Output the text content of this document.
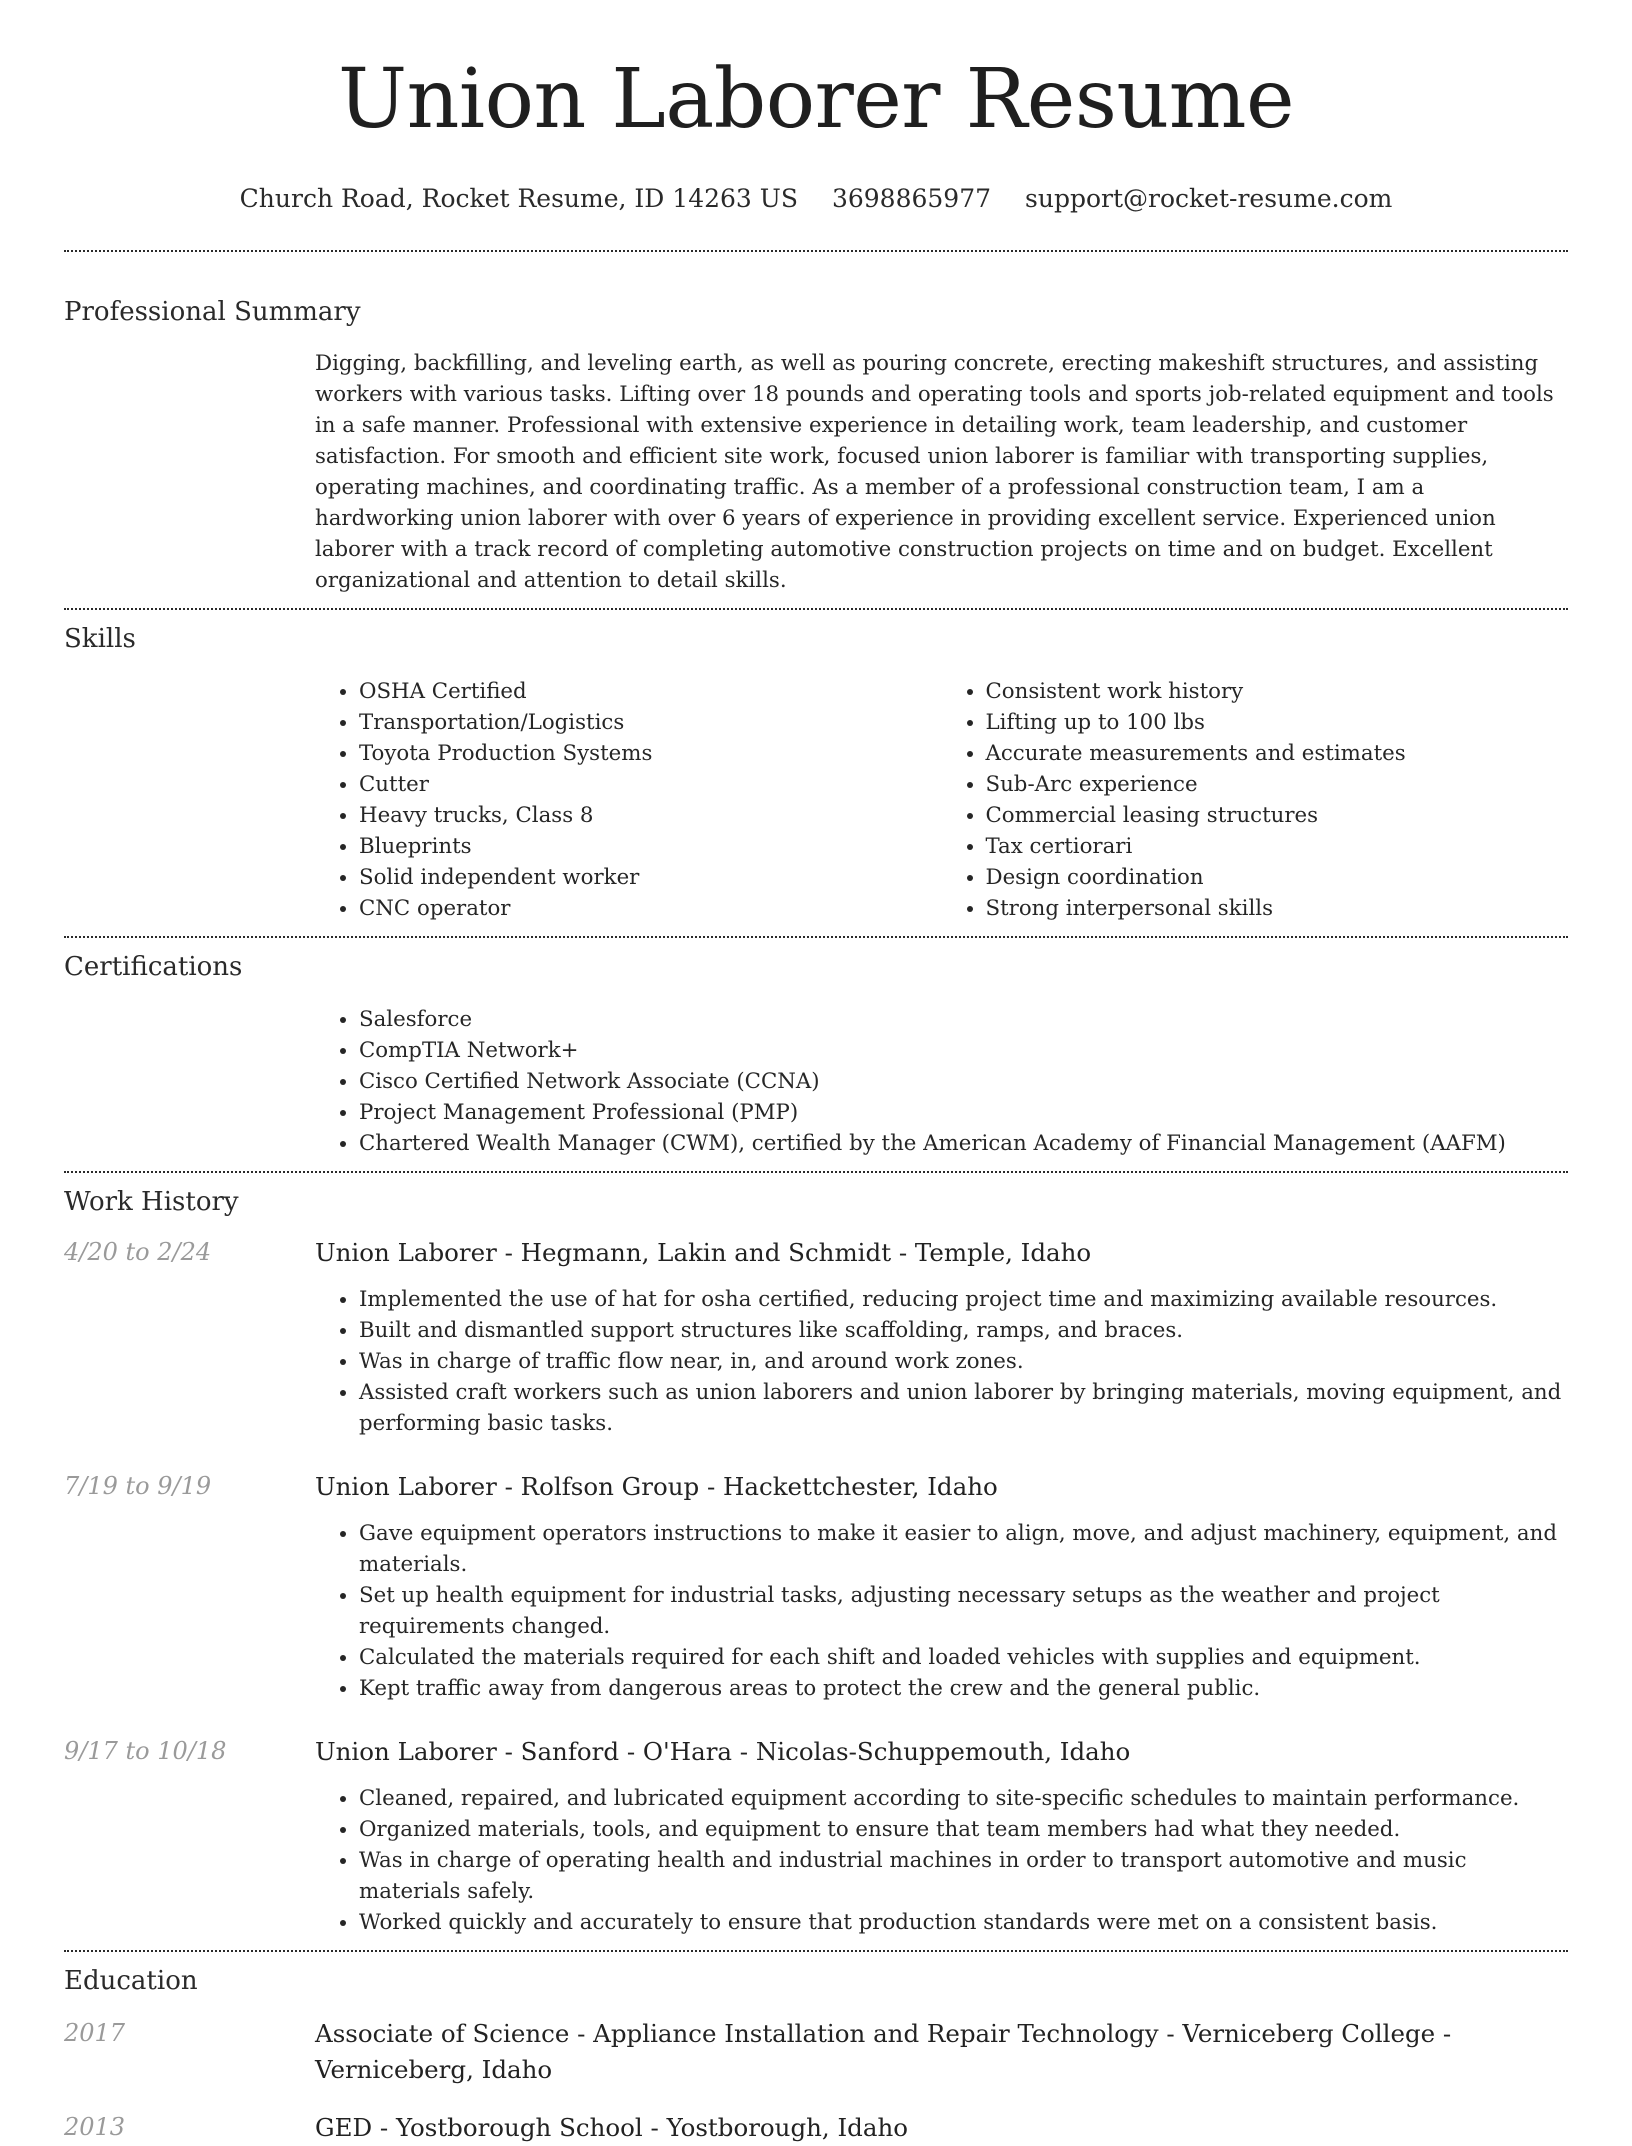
Union Laborer Resume
Church Road, Rocket Resume, ID 14263 US 3698865977 support@rocket-resume.com
Professional Summary
Digging, backfilling, and leveling earth, as well as pouring concrete, erecting makeshift structures, and assisting workers with various tasks. Lifting over 18 pounds and operating tools and sports job-related equipment and tools in a safe manner. Professional with extensive experience in detailing work, team leadership, and customer satisfaction. For smooth and efficient site work, focused union laborer is familiar with transporting supplies, operating machines, and coordinating traffic. As a member of a professional construction team, I am a hardworking union laborer with over 6 years of experience in providing excellent service. Experienced union laborer with a track record of completing automotive construction projects on time and on budget. Excellent organizational and attention to detail skills.
Skills
• OSHA Certified
• Transportation/Logistics
• Toyota Production Systems
• Cutter
• Heavy trucks, Class 8
• Blueprints
• Solid independent worker
• CNC operator
• Consistent work history
• Lifting up to 100 lbs
• Accurate measurements and estimates
• Sub-Arc experience
• Commercial leasing structures
• Tax certiorari
• Design coordination
• Strong interpersonal skills
Certifications
• Salesforce
• CompTIA Network+
• Cisco Certified Network Associate (CCNA)
• Project Management Professional (PMP)
• Chartered Wealth Manager (CWM), certified by the American Academy of Financial Management (AAFM)
Work History
4/20 to 2/24	Union Laborer - Hegmann, Lakin and Schmidt - Temple, Idaho
• Implemented the use of hat for osha certified, reducing project time and maximizing available resources.
• Built and dismantled support structures like scaffolding, ramps, and braces.
• Was in charge of traffic flow near, in, and around work zones.
• Assisted craft workers such as union laborers and union laborer by bringing materials, moving equipment, and performing basic tasks.
7/19 to 9/19	Union Laborer - Rolfson Group - Hackettchester, Idaho
• Gave equipment operators instructions to make it easier to align, move, and adjust machinery, equipment, and materials.
• Set up health equipment for industrial tasks, adjusting necessary setups as the weather and project requirements changed.
• Calculated the materials required for each shift and loaded vehicles with supplies and equipment.
• Kept traffic away from dangerous areas to protect the crew and the general public.
9/17 to 10/18	Union Laborer - Sanford - O'Hara - Nicolas-Schuppemouth, Idaho
• Cleaned, repaired, and lubricated equipment according to site-specific schedules to maintain performance.
• Organized materials, tools, and equipment to ensure that team members had what they needed.
• Was in charge of operating health and industrial machines in order to transport automotive and music materials safely.
• Worked quickly and accurately to ensure that production standards were met on a consistent basis.
Education
2017	Associate of Science - Appliance Installation and Repair Technology - Verniceberg College - Verniceberg, Idaho
2013	GED - Yostborough School - Yostborough, Idaho
